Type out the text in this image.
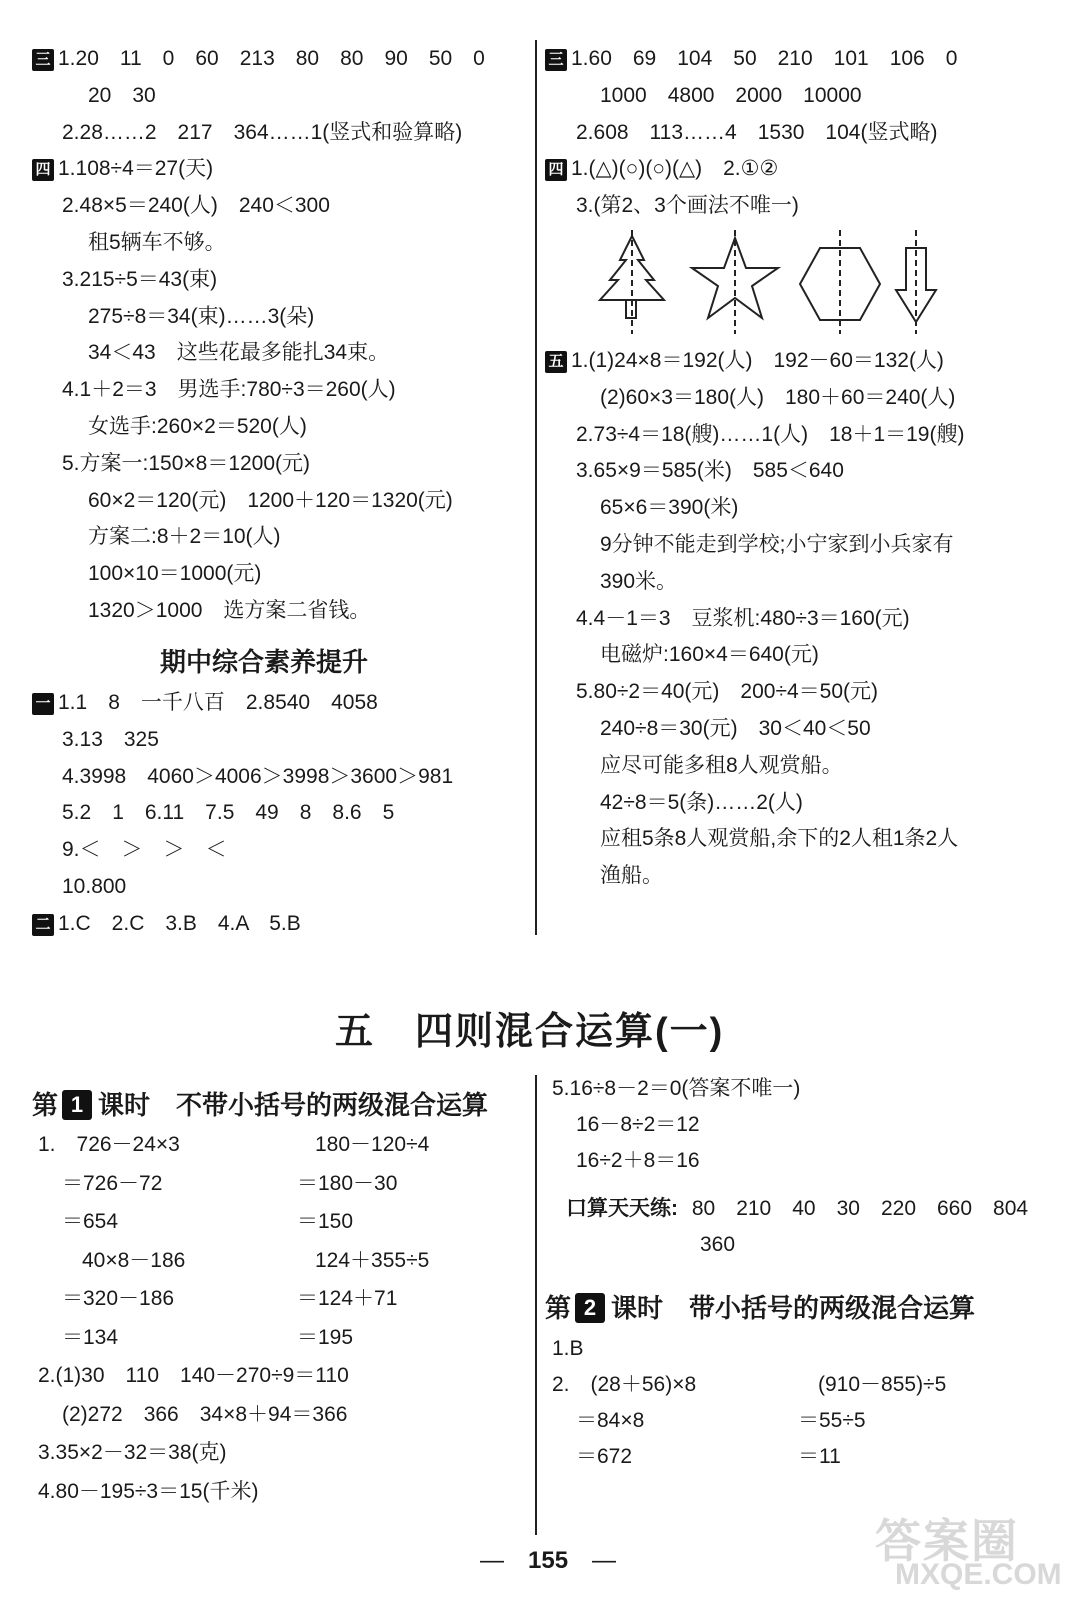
三 1.20　11　0　60　213　80　80　90　50　0
20　30
2.28……2　217　364……1(竖式和验算略)
四 1.108÷4＝27(天)
2.48×5＝240(人)　240＜300
租5辆车不够。
3.215÷5＝43(束)
275÷8＝34(束)……3(朵)
34＜43　这些花最多能扎34束。
4.1＋2＝3　男选手:780÷3＝260(人)
女选手:260×2＝520(人)
5.方案一:150×8＝1200(元)
60×2＝120(元)　1200＋120＝1320(元)
方案二:8＋2＝10(人)
100×10＝1000(元)
1320＞1000　选方案二省钱。
期中综合素养提升
一 1.1　8　一千八百　2.8540　4058
3.13　325
4.3998　4060＞4006＞3998＞3600＞981
5.2　1　6.11　7.5　49　8　8.6　5
9.＜　＞　＞　＜
10.800
二 1.C　2.C　3.B　4.A　5.B
三 1.60　69　104　50　210　101　106　0
1000　4800　2000　10000
2.608　113……4　1530　104(竖式略)
四 1.(△)(○)(○)(△)　2.①②
3.(第2、3个画法不唯一)
五 1.(1)24×8＝192(人)　192－60＝132(人)
(2)60×3＝180(人)　180＋60＝240(人)
2.73÷4＝18(艘)……1(人)　18＋1＝19(艘)
3.65×9＝585(米)　585＜640
65×6＝390(米)
9分钟不能走到学校;小宁家到小兵家有
390米。
4.4－1＝3　豆浆机:480÷3＝160(元)
电磁炉:160×4＝640(元)
5.80÷2＝40(元)　200÷4＝50(元)
240÷8＝30(元)　30＜40＜50
应尽可能多租8人观赏船。
42÷8＝5(条)……2(人)
应租5条8人观赏船,余下的2人租1条2人
渔船。
五　四则混合运算(一)
第 1 课时　不带小括号的两级混合运算
1.　726－24×3	180－120÷4
＝726－72	＝180－30
＝654	＝150
40×8－186	124＋355÷5
＝320－186	＝124＋71
＝134	＝195
2.(1)30　110　140－270÷9＝110
(2)272　366　34×8＋94＝366
3.35×2－32＝38(克)
4.80－195÷3＝15(千米)
5.16÷8－2＝0(答案不唯一)
16－8÷2＝12
16÷2＋8＝16
口算天天练: 80　210　40　30　220　660　804
360
第 2 课时　带小括号的两级混合运算
1.B
2.　(28＋56)×8	(910－855)÷5
＝84×8	＝55÷5
＝672	＝11
—　155　—	答案圈
MXQE.COM
